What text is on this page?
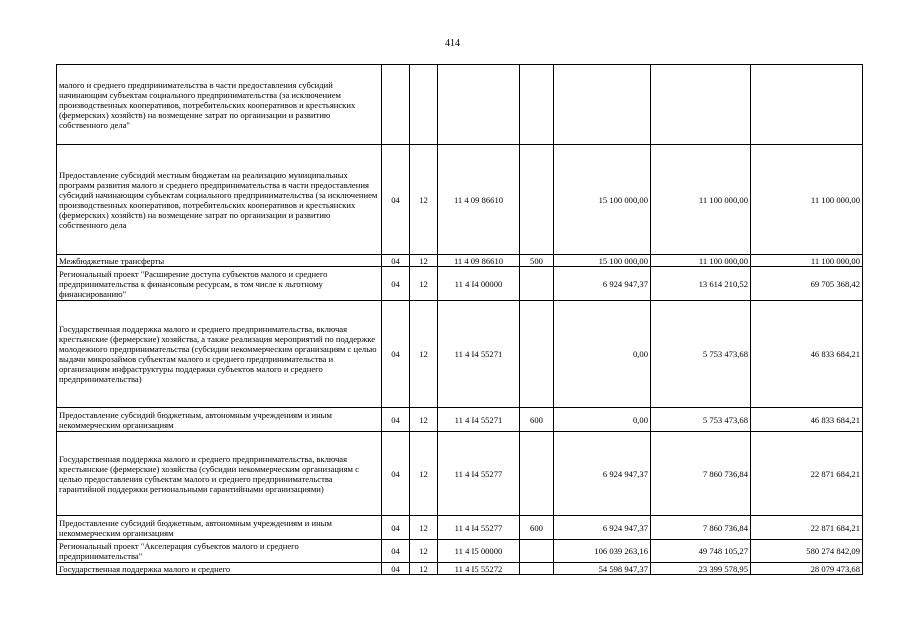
414
малого и среднего предпринимательства в части предоставления субсидий начинающим субъектам социального предпринимательства (за исключением производственных кооперативов, потребительских кооперативов и крестьянских (фермерских) хозяйств) на возмещение затрат по организации и развитию собственного дела"							
Предоставление субсидий местным бюджетам на реализацию муниципальных программ развития малого и среднего предпринимательства в части предоставления субсидий начинающим субъектам социального предпринимательства (за исключением производственных кооперативов, потребительских кооперативов и крестьянских (фермерских) хозяйств) на возмещение затрат по организации и развитию собственного дела	04	12	11 4 09 86610		15 100 000,00	11 100 000,00	11 100 000,00
Межбюджетные трансферты	04	12	11 4 09 86610	500	15 100 000,00	11 100 000,00	11 100 000,00
Региональный проект "Расширение доступа субъектов малого и среднего предпринимательства к финансовым ресурсам, в том числе к льготному финансированию"	04	12	11 4 I4 00000		6 924 947,37	13 614 210,52	69 705 368,42
Государственная поддержка малого и среднего предпринимательства, включая крестьянские (фермерские) хозяйства, а также реализация мероприятий по поддержке молодежного предпринимательства (субсидии некоммерческим организациям с целью выдачи микрозаймов субъектам малого и среднего предпринимательства и организациям инфраструктуры поддержки субъектов малого и среднего предпринимательства)	04	12	11 4 I4 55271		0,00	5 753 473,68	46 833 684,21
Предоставление субсидий бюджетным, автономным учреждениям и иным некоммерческим организациям	04	12	11 4 I4 55271	600	0,00	5 753 473,68	46 833 684,21
Государственная поддержка малого и среднего предпринимательства, включая крестьянские (фермерские) хозяйства (субсидии некоммерческим организациям с целью предоставления субъектам малого и среднего предпринимательства гарантийной поддержки региональными гарантийными организациями)	04	12	11 4 I4 55277		6 924 947,37	7 860 736,84	22 871 684,21
Предоставление субсидий бюджетным, автономным учреждениям и иным некоммерческим организациям	04	12	11 4 I4 55277	600	6 924 947,37	7 860 736,84	22 871 684,21
Региональный проект "Акселерация субъектов малого и среднего предпринимательства"	04	12	11 4 I5 00000		106 039 263,16	49 748 105,27	580 274 842,09
Государственная поддержка малого и среднего	04	12	11 4 I5 55272		54 598 947,37	23 399 578,95	28 079 473,68
